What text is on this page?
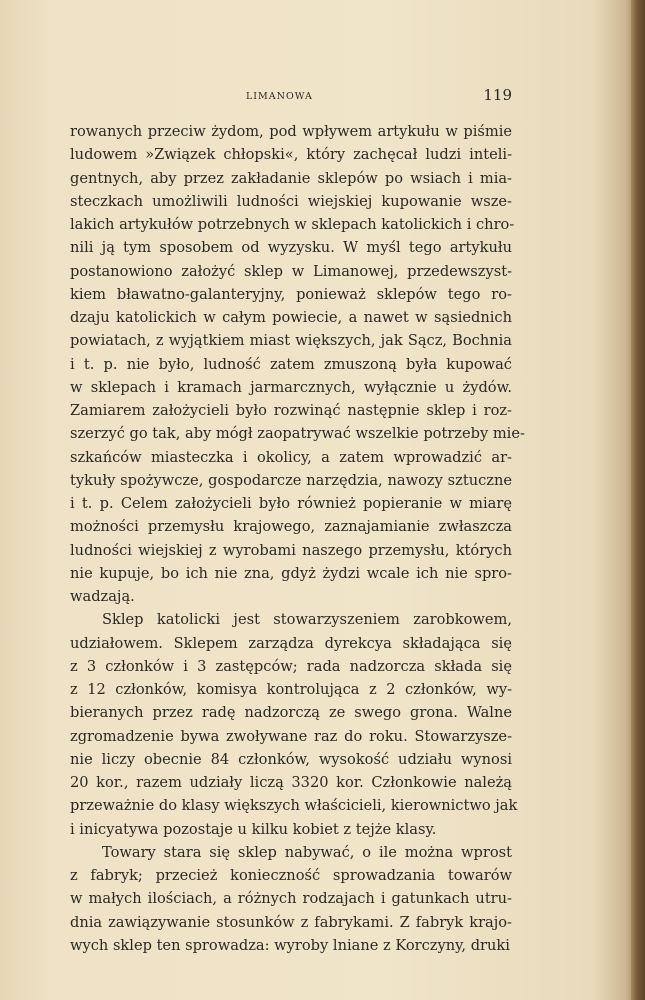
LIMANOWA	119
rowanych przeciw żydom, pod wpływem artykułu w piśmie
ludowem »Związek chłopski«, który zachęcał ludzi inteli-
gentnych, aby przez zakładanie sklepów po wsiach i mia-
steczkach umożliwili ludności wiejskiej kupowanie wsze-
lakich artykułów potrzebnych w sklepach katolickich i chro-
nili ją tym sposobem od wyzysku. W myśl tego artykułu
postanowiono założyć sklep w Limanowej, przedewszyst-
kiem bławatno-galanteryjny, ponieważ sklepów tego ro-
dzaju katolickich w całym powiecie, a nawet w sąsiednich
powiatach, z wyjątkiem miast większych, jak Sącz, Bochnia
i t. p. nie było, ludność zatem zmuszoną była kupować
w sklepach i kramach jarmarcznych, wyłącznie u żydów.
Zamiarem założycieli było rozwinąć następnie sklep i roz-
szerzyć go tak, aby mógł zaopatrywać wszelkie potrzeby mie-
szkańców miasteczka i okolicy, a zatem wprowadzić ar-
tykuły spożywcze, gospodarcze narzędzia, nawozy sztuczne
i t. p. Celem założycieli było również popieranie w miarę
możności przemysłu krajowego, zaznajamianie zwłaszcza
ludności wiejskiej z wyrobami naszego przemysłu, których
nie kupuje, bo ich nie zna, gdyż żydzi wcale ich nie spro-
wadzają.
Sklep katolicki jest stowarzyszeniem zarobkowem,
udziałowem. Sklepem zarządza dyrekcya składająca się
z 3 członków i 3 zastępców; rada nadzorcza składa się
z 12 członków, komisya kontrolująca z 2 członków, wy-
bieranych przez radę nadzorczą ze swego grona. Walne
zgromadzenie bywa zwoływane raz do roku. Stowarzysze-
nie liczy obecnie 84 członków, wysokość udziału wynosi
20 kor., razem udziały liczą 3320 kor. Członkowie należą
przeważnie do klasy większych właścicieli, kierownictwo jak
i inicyatywa pozostaje u kilku kobiet z tejże klasy.
Towary stara się sklep nabywać, o ile można wprost
z fabryk; przecież konieczność sprowadzania towarów
w małych ilościach, a różnych rodzajach i gatunkach utru-
dnia zawiązywanie stosunków z fabrykami. Z fabryk krajo-
wych sklep ten sprowadza: wyroby lniane z Korczyny, druki
